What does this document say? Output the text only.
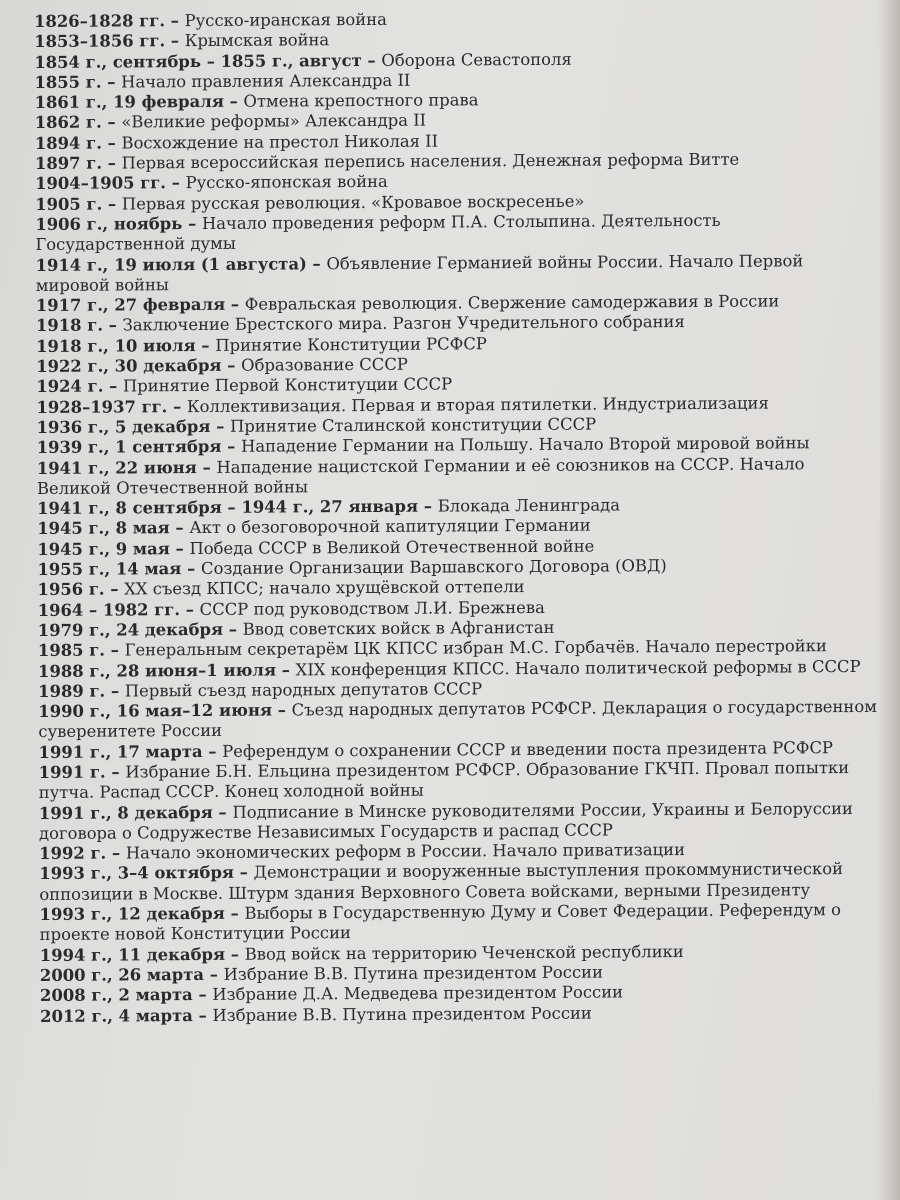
1826–1828 гг. – Русско-иранская война
1853–1856 гг. – Крымская война
1854 г., сентябрь – 1855 г., август – Оборона Севастополя
1855 г. – Начало правления Александра II
1861 г., 19 февраля – Отмена крепостного права
1862 г. – «Великие реформы» Александра II
1894 г. – Восхождение на престол Николая II
1897 г. – Первая всероссийская перепись населения. Денежная реформа Витте
1904–1905 гг. – Русско-японская война
1905 г. – Первая русская революция. «Кровавое воскресенье»
1906 г., ноябрь – Начало проведения реформ П.А. Столыпина. Деятельность Государственной думы
1914 г., 19 июля (1 августа) – Объявление Германией войны России. Начало Первой мировой войны
1917 г., 27 февраля – Февральская революция. Свержение самодержавия в России
1918 г. – Заключение Брестского мира. Разгон Учредительного собрания
1918 г., 10 июля – Принятие Конституции РСФСР
1922 г., 30 декабря – Образование СССР
1924 г. – Принятие Первой Конституции СССР
1928–1937 гг. – Коллективизация. Первая и вторая пятилетки. Индустриализация
1936 г., 5 декабря – Принятие Сталинской конституции СССР
1939 г., 1 сентября – Нападение Германии на Польшу. Начало Второй мировой войны
1941 г., 22 июня – Нападение нацистской Германии и её союзников на СССР. Начало Великой Отечественной войны
1941 г., 8 сентября – 1944 г., 27 января – Блокада Ленинграда
1945 г., 8 мая – Акт о безоговорочной капитуляции Германии
1945 г., 9 мая – Победа СССР в Великой Отечественной войне
1955 г., 14 мая – Создание Организации Варшавского Договора (ОВД)
1956 г. – XX съезд КПСС; начало хрущёвской оттепели
1964 – 1982 гг. – СССР под руководством Л.И. Брежнева
1979 г., 24 декабря – Ввод советских войск в Афганистан
1985 г. – Генеральным секретарём ЦК КПСС избран М.С. Горбачёв. Начало перестройки
1988 г., 28 июня–1 июля – XIX конференция КПСС. Начало политической реформы в СССР
1989 г. – Первый съезд народных депутатов СССР
1990 г., 16 мая–12 июня – Съезд народных депутатов РСФСР. Декларация о государственном суверенитете России
1991 г., 17 марта – Референдум о сохранении СССР и введении поста президента РСФСР
1991 г. – Избрание Б.Н. Ельцина президентом РСФСР. Образование ГКЧП. Провал попытки путча. Распад СССР. Конец холодной войны
1991 г., 8 декабря – Подписание в Минске руководителями России, Украины и Белоруссии договора о Содружестве Независимых Государств и распад СССР
1992 г. – Начало экономических реформ в России. Начало приватизации
1993 г., 3–4 октября – Демонстрации и вооруженные выступления прокоммунистической оппозиции в Москве. Штурм здания Верховного Совета войсками, верными Президенту
1993 г., 12 декабря – Выборы в Государственную Думу и Совет Федерации. Референдум о проекте новой Конституции России
1994 г., 11 декабря – Ввод войск на территорию Чеченской республики
2000 г., 26 марта – Избрание В.В. Путина президентом России
2008 г., 2 марта – Избрание Д.А. Медведева президентом России
2012 г., 4 марта – Избрание В.В. Путина президентом России
